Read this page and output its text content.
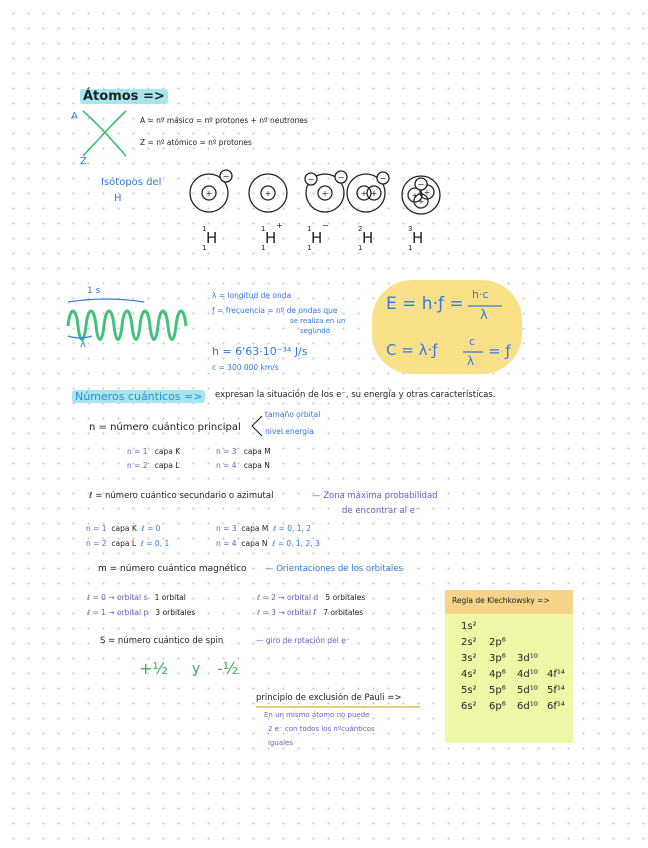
Átomos =>
A
Z
A = nº másico = nº protones + nº neutrones
Z = nº atómico = nº protones
Isótopos del
H	+
−
+	+
−
−
+ +
−
+ +
+
−
1 H
1
1 H
+
1
1 H
−
1
2 H
1
3 H
1
1 s
λ
λ = longitud de onda
ƒ = frecuencia = nº de ondas que
se realiza en un
segundo
h = 6'63·10⁻³⁴ J/s
c = 300 000 km/s
E = h·ƒ = h·c
λ
C = λ·ƒ	c
λ
= ƒ
Números cuánticos =>	expresan la situación de los e⁻, su energía y otras características.
n = número cuántico principal
tamaño orbital
nivel energía
n = 1 capa K
n = 2 capa L
n = 3 capa M
n = 4 capa N
ℓ = número cuántico secundario o azimutal	— Zona máxima probabilidad
de encontrar al e⁻
n = 1 capa K ℓ = 0
n = 2 capa L ℓ = 0, 1
n = 3 capa M ℓ = 0, 1, 2
n = 4 capa N ℓ = 0, 1, 2, 3
m = número cuántico magnético — Orientaciones de los orbitales
ℓ = 0 → orbital s 1 orbital
ℓ = 1 → orbital p 3 orbitales
ℓ = 2 → orbital d 5 orbitales
ℓ = 3 → orbital f 7 orbitales
S = número cuántico de spin	— giro de rotación del e⁻
+½ y -½
principio de exclusión de Pauli =>
En un mismo átomo no puede
2 e⁻ con todos los nºcuánticos
iguales
Regla de Klechkowsky =>
1s²
2s² 2p⁶
3s² 3p⁶ 3d¹⁰
4s² 4p⁶ 4d¹⁰ 4f¹⁴
5s² 5p⁶ 5d¹⁰ 5f¹⁴
6s² 6p⁶ 6d¹⁰ 6f¹⁴
